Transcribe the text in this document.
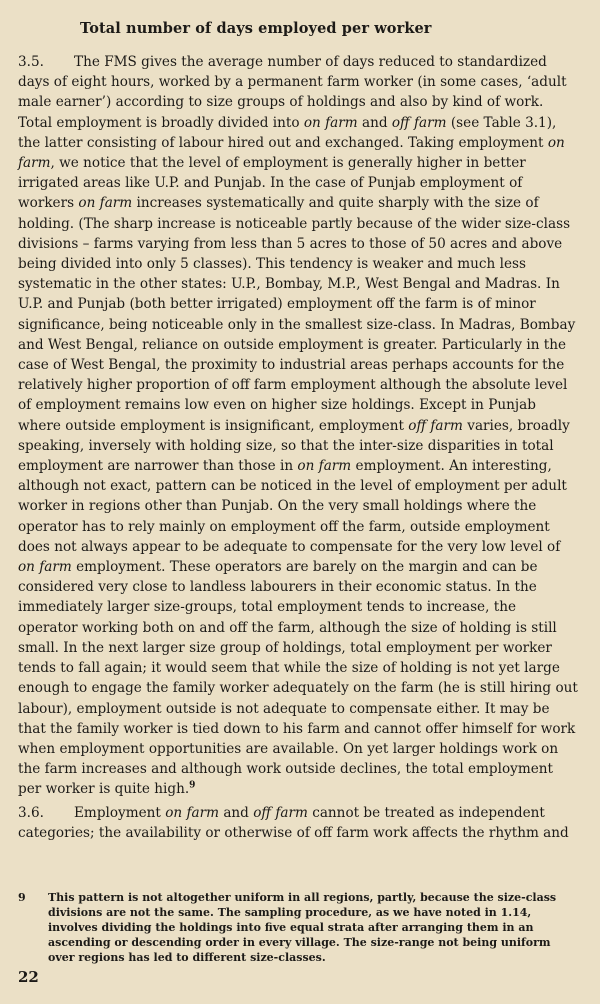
Total number of days employed per worker

3.5. The FMS gives the average number of days reduced to standardized days of eight hours, worked by a permanent farm worker (in some cases, ‘adult male earner’) according to size groups of holdings and also by kind of work. Total employment is broadly divided into on farm and off farm (see Table 3.1), the latter consisting of labour hired out and exchanged. Taking employment on farm, we notice that the level of employment is generally higher in better irrigated areas like U.P. and Punjab. In the case of Punjab employment of workers on farm increases systematically and quite sharply with the size of holding. (The sharp increase is noticeable partly because of the wider size-class divisions – farms varying from less than 5 acres to those of 50 acres and above being divided into only 5 classes). This tendency is weaker and much less systematic in the other states: U.P., Bombay, M.P., West Bengal and Madras. In U.P. and Punjab (both better irrigated) employment off the farm is of minor significance, being noticeable only in the smallest size-class. In Madras, Bombay and West Bengal, reliance on outside employment is greater. Particularly in the case of West Bengal, the proximity to industrial areas perhaps accounts for the relatively higher proportion of off farm employment although the absolute level of employment remains low even on higher size holdings. Except in Punjab where outside employment is insignificant, employment off farm varies, broadly speaking, inversely with holding size, so that the inter-size disparities in total employment are narrower than those in on farm employment. An interesting, although not exact, pattern can be noticed in the level of employment per adult worker in regions other than Punjab. On the very small holdings where the operator has to rely mainly on employment off the farm, outside employment does not always appear to be adequate to compensate for the very low level of on farm employment. These operators are barely on the margin and can be considered very close to landless labourers in their economic status. In the immediately larger size-groups, total employment tends to increase, the operator working both on and off the farm, although the size of holding is still small. In the next larger size group of holdings, total employment per worker tends to fall again; it would seem that while the size of holding is not yet large enough to engage the family worker adequately on the farm (he is still hiring out labour), employment outside is not adequate to compensate either. It may be that the family worker is tied down to his farm and cannot offer himself for work when employment opportunities are available. On yet larger holdings work on the farm increases and although work outside declines, the total employment per worker is quite high.$^9$

3.6. Employment on farm and off farm cannot be treated as independent categories; the availability or otherwise of off farm work affects the rhythm and

9	This pattern is not altogether uniform in all regions, partly, because the size-class divisions are not the same. The sampling procedure, as we have noted in 1.14, involves dividing the holdings into five equal strata after arranging them in an ascending or descending order in every village. The size-range not being uniform over regions has led to different size-classes.
22
